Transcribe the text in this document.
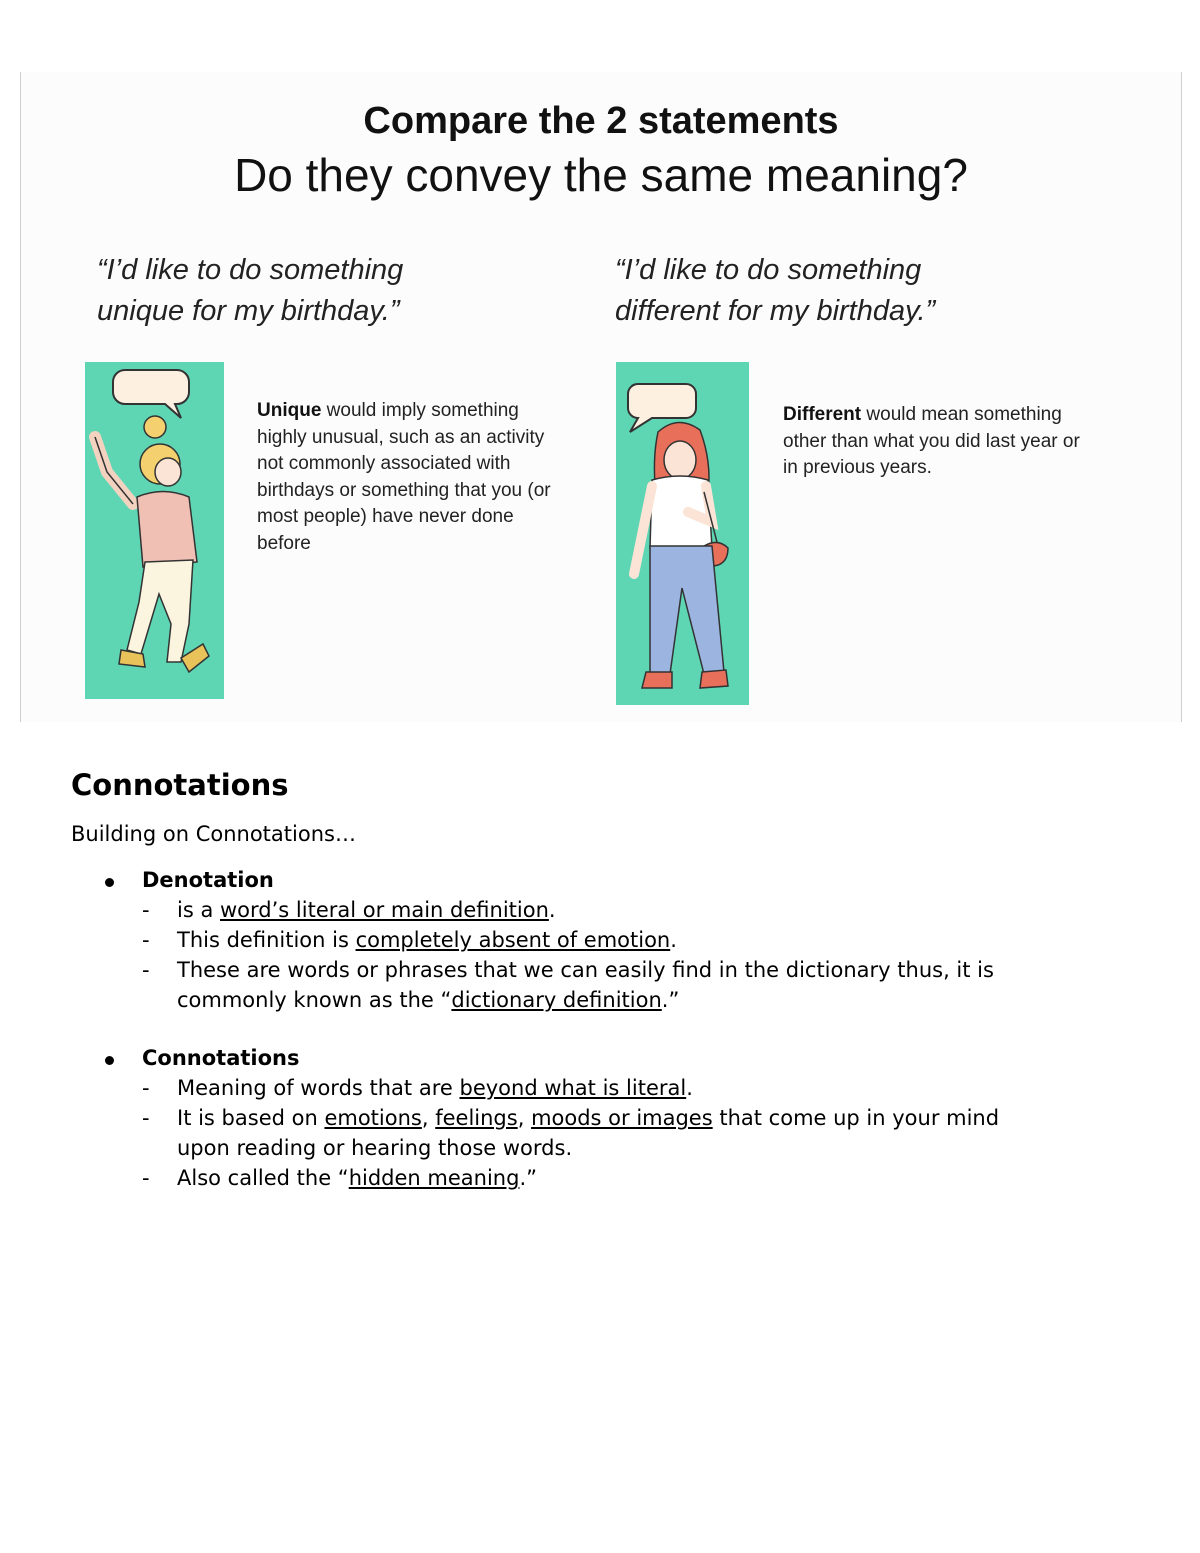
Compare the 2 statements
Do they convey the same meaning?
“I’d like to do something
unique for my birthday.”
“I’d like to do something
different for my birthday.”
Unique would imply something highly unusual, such as an activity not commonly associated with birthdays or something that you (or most people) have never done before
Different would mean something other than what you did last year or in previous years.
Connotations
Building on Connotations…
Denotation
- is a word’s literal or main definition.
- This definition is completely absent of emotion.
- These are words or phrases that we can easily find in the dictionary thus, it is
commonly known as the “dictionary definition.”
Connotations
- Meaning of words that are beyond what is literal.
- It is based on emotions, feelings, moods or images that come up in your mind
upon reading or hearing those words.
- Also called the “hidden meaning.”
